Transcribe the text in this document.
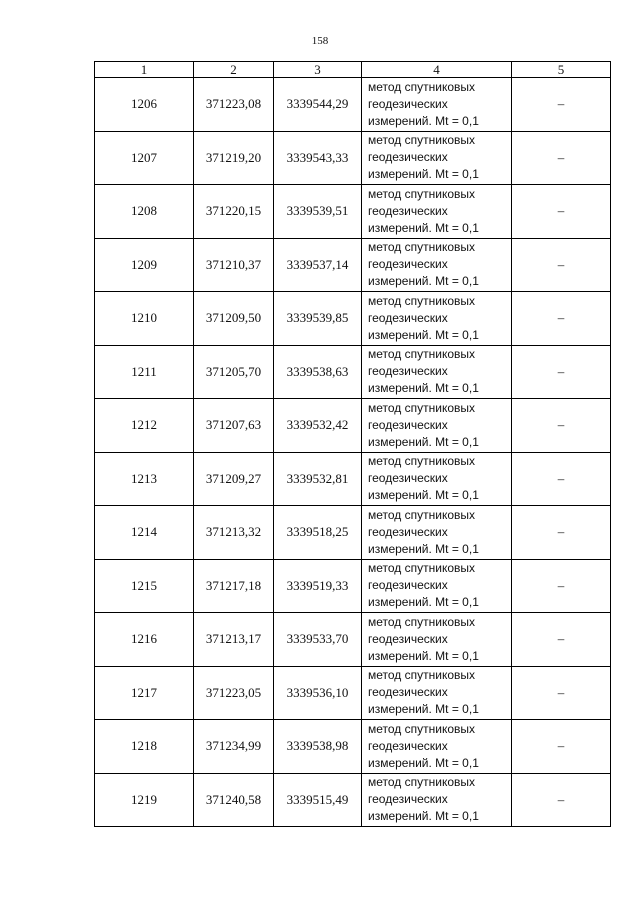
158
1	2	3	4	5
1206	371223,08	3339544,29	метод спутниковых
геодезических
измерений. Mt = 0,1	–
1207	371219,20	3339543,33	метод спутниковых
геодезических
измерений. Mt = 0,1	–
1208	371220,15	3339539,51	метод спутниковых
геодезических
измерений. Mt = 0,1	–
1209	371210,37	3339537,14	метод спутниковых
геодезических
измерений. Mt = 0,1	–
1210	371209,50	3339539,85	метод спутниковых
геодезических
измерений. Mt = 0,1	–
1211	371205,70	3339538,63	метод спутниковых
геодезических
измерений. Mt = 0,1	–
1212	371207,63	3339532,42	метод спутниковых
геодезических
измерений. Mt = 0,1	–
1213	371209,27	3339532,81	метод спутниковых
геодезических
измерений. Mt = 0,1	–
1214	371213,32	3339518,25	метод спутниковых
геодезических
измерений. Mt = 0,1	–
1215	371217,18	3339519,33	метод спутниковых
геодезических
измерений. Mt = 0,1	–
1216	371213,17	3339533,70	метод спутниковых
геодезических
измерений. Mt = 0,1	–
1217	371223,05	3339536,10	метод спутниковых
геодезических
измерений. Mt = 0,1	–
1218	371234,99	3339538,98	метод спутниковых
геодезических
измерений. Mt = 0,1	–
1219	371240,58	3339515,49	метод спутниковых
геодезических
измерений. Mt = 0,1	–
